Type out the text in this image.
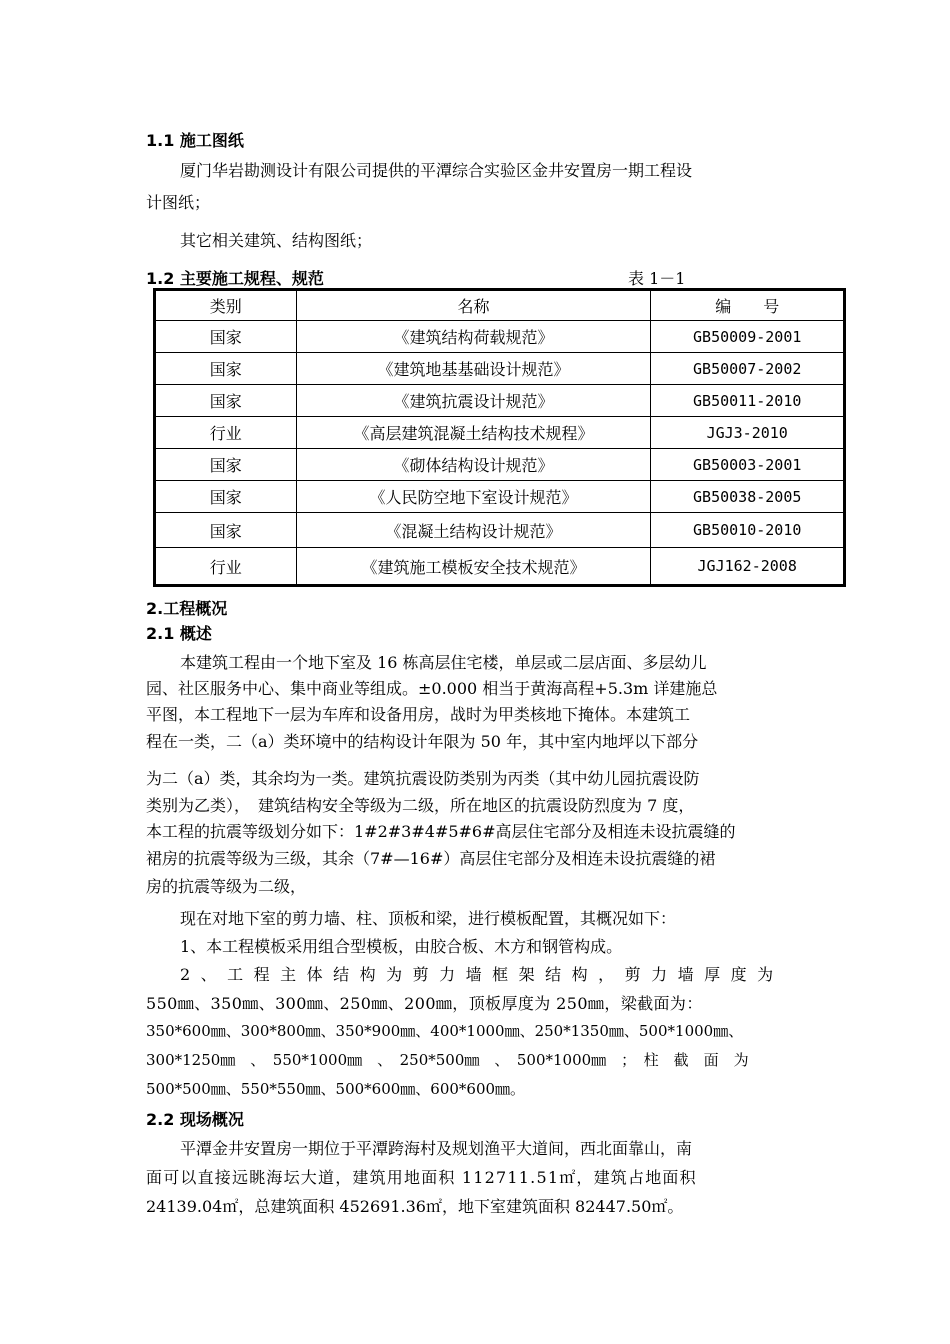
1.1 施工图纸
厦门华岩勘测设计有限公司提供的平潭综合实验区金井安置房一期工程设
计图纸；
其它相关建筑、结构图纸；
1.2 主要施工规程、规范	表 1－1
类别	名称	编　　号
国家	《建筑结构荷载规范》	GB50009-2001
国家	《建筑地基基础设计规范》	GB50007-2002
国家	《建筑抗震设计规范》	GB50011-2010
行业	《高层建筑混凝土结构技术规程》	JGJ3-2010
国家	《砌体结构设计规范》	GB50003-2001
国家	《人民防空地下室设计规范》	GB50038-2005
国家	《混凝土结构设计规范》	GB50010-2010
行业	《建筑施工模板安全技术规范》	JGJ162-2008
2.工程概况
2.1 概述
本建筑工程由一个地下室及 16 栋高层住宅楼，单层或二层店面、多层幼儿
园、社区服务中心、集中商业等组成。±0.000 相当于黄海高程+5.3m 详建施总
平图，本工程地下一层为车库和设备用房，战时为甲类核地下掩体。本建筑工
程在一类，二（a）类环境中的结构设计年限为 50 年，其中室内地坪以下部分
为二（a）类，其余均为一类。建筑抗震设防类别为丙类（其中幼儿园抗震设防
类别为乙类），　建筑结构安全等级为二级，所在地区的抗震设防烈度为 7 度，
本工程的抗震等级划分如下：1#2#3#4#5#6#高层住宅部分及相连未设抗震缝的
裙房的抗震等级为三级，其余（7#—16#）高层住宅部分及相连未设抗震缝的裙
房的抗震等级为二级，
现在对地下室的剪力墙、柱、顶板和梁，进行模板配置，其概况如下：
1、本工程模板采用组合型模板，由胶合板、木方和钢管构成。
2、工程主体结构为剪力墙框架结构，剪力墙厚度为
550㎜、350㎜、300㎜、250㎜、200㎜，顶板厚度为 250㎜，梁截面为：
350*600㎜、300*800㎜、350*900㎜、400*1000㎜、250*1350㎜、500*1000㎜、
300*1250㎜　、　550*1000㎜　、　250*500㎜　、　500*1000㎜　；　柱　截　面　为
500*500㎜、550*550㎜、500*600㎜、600*600㎜。
2.2 现场概况
平潭金井安置房一期位于平潭跨海村及规划渔平大道间，西北面靠山，南
面可以直接远眺海坛大道，建筑用地面积 112711.51㎡，建筑占地面积
24139.04㎡，总建筑面积 452691.36㎡，地下室建筑面积 82447.50㎡。
